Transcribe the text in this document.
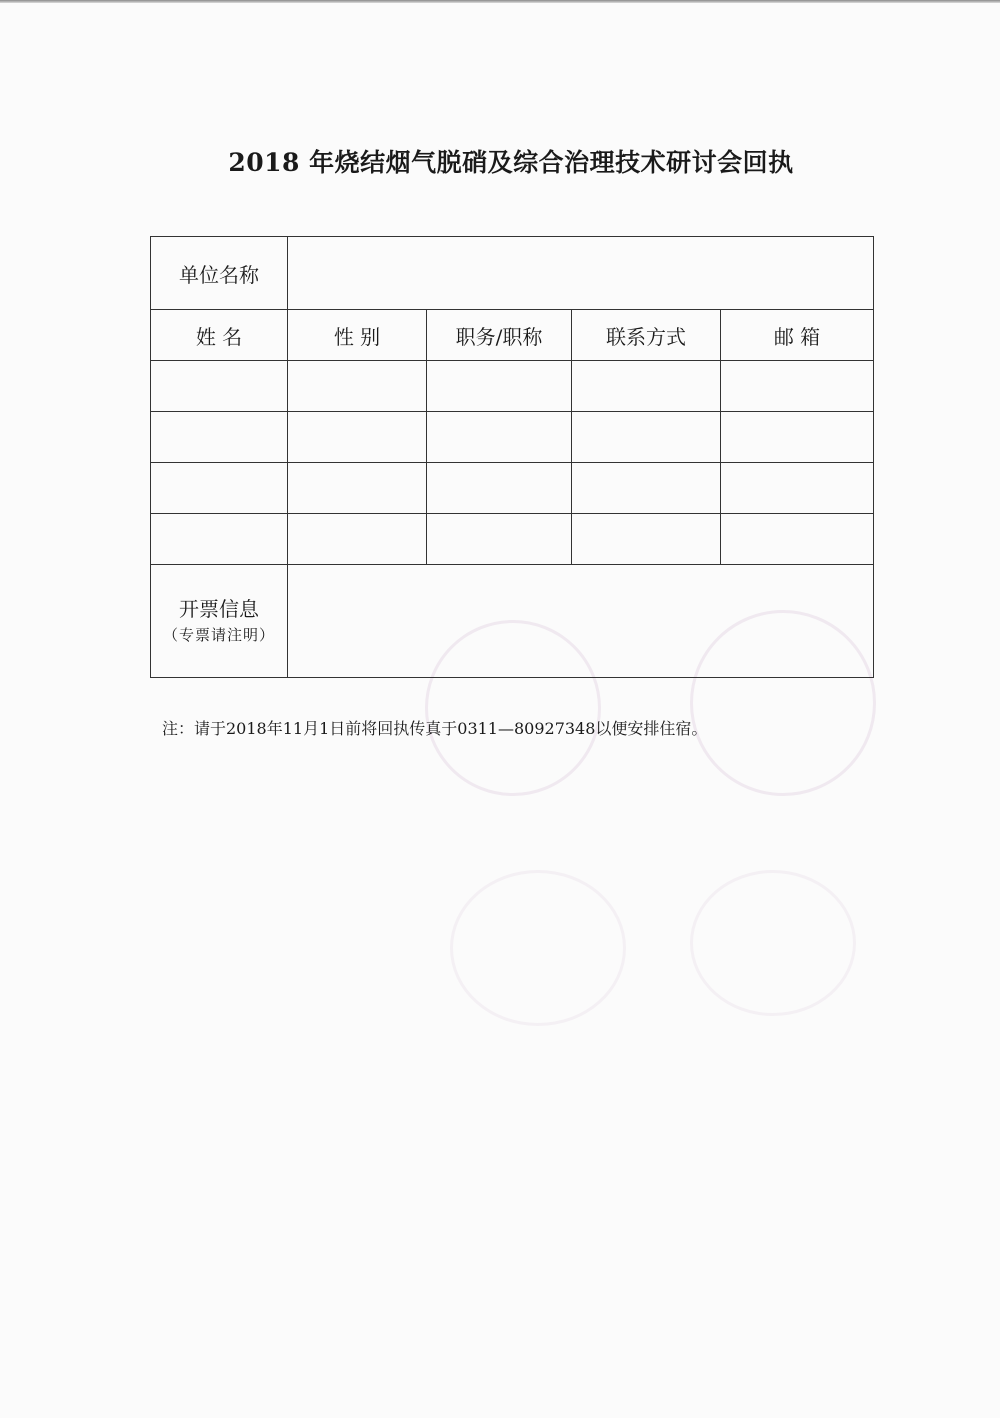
2018 年烧结烟气脱硝及综合治理技术研讨会回执
单位名称				
姓 名	性 别	职务/职称	联系方式	邮 箱

开票信息
（专票请注明）				

注：请于2018年11月1日前将回执传真于0311—80927348以便安排住宿。
